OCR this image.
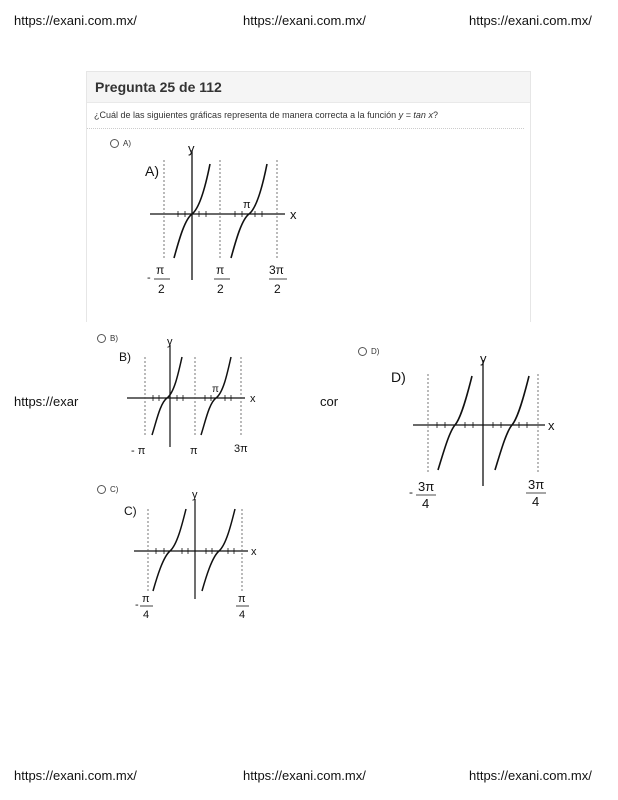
https://exani.com.mx/	https://exani.com.mx/	https://exani.com.mx/
https://exar	cor
https://exani.com.mx/	https://exani.com.mx/	https://exani.com.mx/
Pregunta 25 de 112
¿Cuál de las siguientes gráficas representa de manera correcta a la función y = tan x?
A)
A)
y
x
π
-
π
2
π
2
3π
2
B)
B)
y
x
π
- π	π	3π
C)
C)
y
x
- π
4
π
4
D)
D)
y
x
- 3π
4
3π
4
